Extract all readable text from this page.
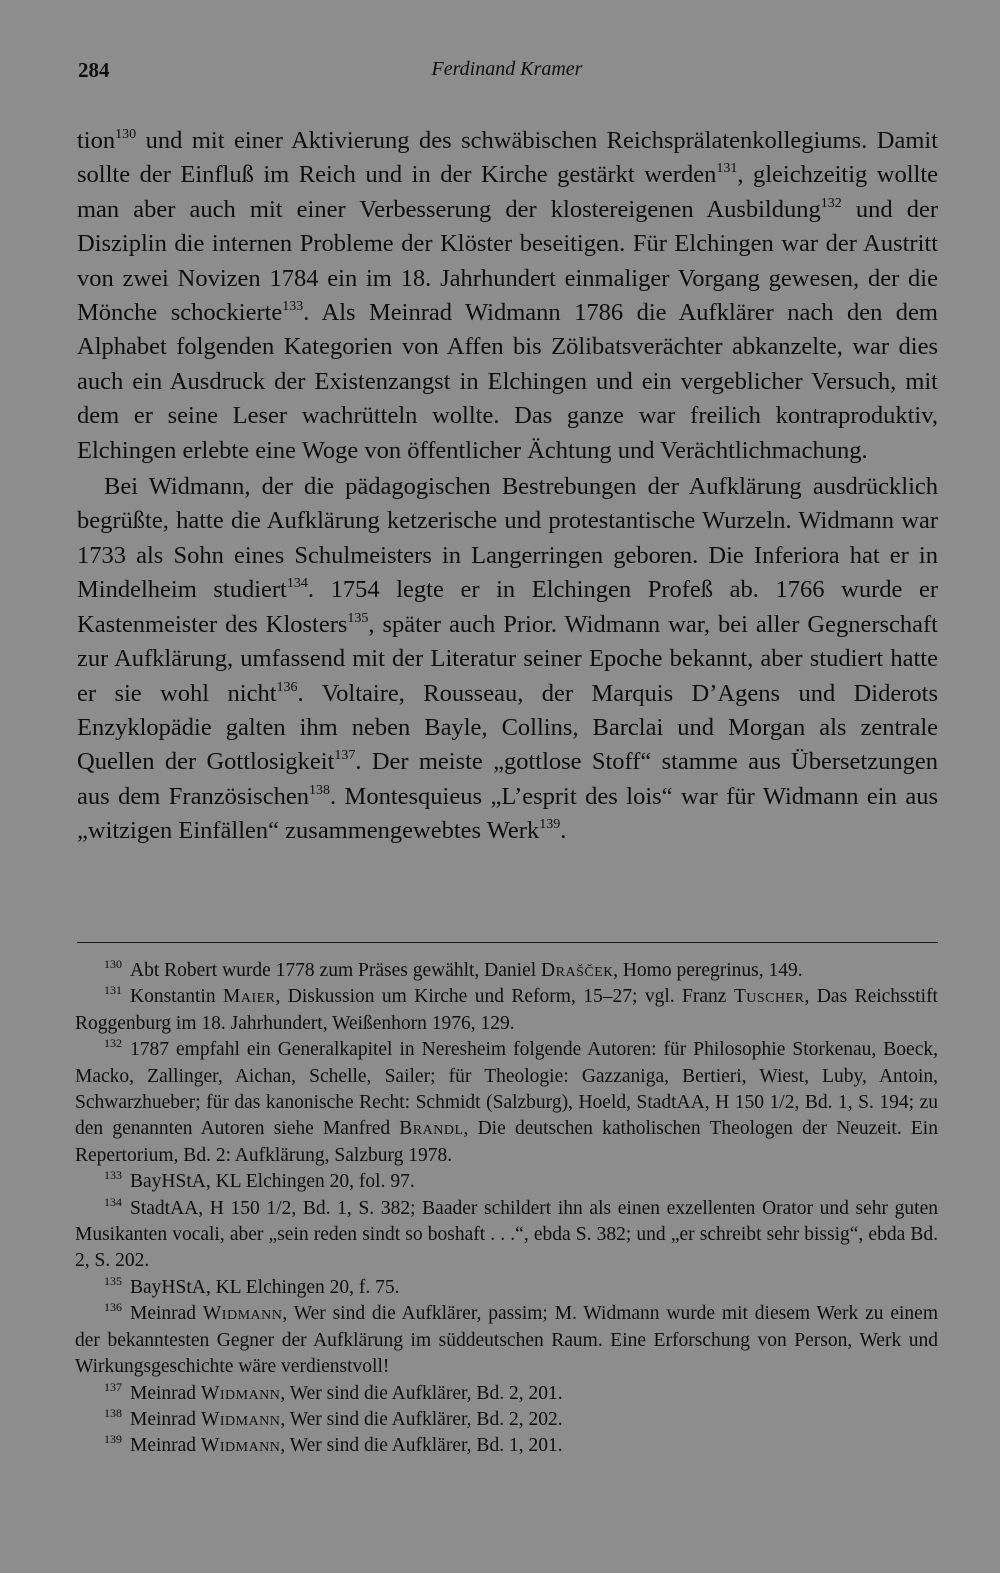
284	Ferdinand Kramer

tion$^{130}$ und mit einer Aktivierung des schwäbischen Reichsprälatenkollegiums. Damit sollte der Einfluß im Reich und in der Kirche gestärkt werden$^{131}$, gleichzeitig wollte man aber auch mit einer Verbesserung der klostereigenen Ausbildung$^{132}$ und der Disziplin die internen Probleme der Klöster beseitigen. Für Elchingen war der Austritt von zwei Novizen 1784 ein im 18. Jahrhundert einmaliger Vorgang gewesen, der die Mönche schockierte$^{133}$. Als Meinrad Widmann 1786 die Aufklärer nach den dem Alphabet folgenden Kategorien von Affen bis Zölibatsverächter abkanzelte, war dies auch ein Ausdruck der Existenzangst in Elchingen und ein vergeblicher Versuch, mit dem er seine Leser wachrütteln wollte. Das ganze war freilich kontraproduktiv, Elchingen erlebte eine Woge von öffentlicher Ächtung und Verächtlichmachung.

Bei Widmann, der die pädagogischen Bestrebungen der Aufklärung ausdrücklich begrüßte, hatte die Aufklärung ketzerische und protestantische Wurzeln. Widmann war 1733 als Sohn eines Schulmeisters in Langerringen geboren. Die Inferiora hat er in Mindelheim studiert$^{134}$. 1754 legte er in Elchingen Profeß ab. 1766 wurde er Kastenmeister des Klosters$^{135}$, später auch Prior. Widmann war, bei aller Gegnerschaft zur Aufklärung, umfassend mit der Literatur seiner Epoche bekannt, aber studiert hatte er sie wohl nicht$^{136}$. Voltaire, Rousseau, der Marquis D’Agens und Diderots Enzyklopädie galten ihm neben Bayle, Collins, Barclai und Morgan als zentrale Quellen der Gottlosigkeit$^{137}$. Der meiste „gottlose Stoff“ stamme aus Übersetzungen aus dem Französischen$^{138}$. Montesquieus „L’esprit des lois“ war für Widmann ein aus „witzigen Einfällen“ zusammengewebtes Werk$^{139}$.

$^{130}$ Abt Robert wurde 1778 zum Präses gewählt, Daniel Draščeк, Homo peregrinus, 149.

$^{131}$ Konstantin Maier, Diskussion um Kirche und Reform, 15–27; vgl. Franz Tuscher, Das Reichsstift Roggenburg im 18. Jahrhundert, Weißenhorn 1976, 129.

$^{132}$ 1787 empfahl ein Generalkapitel in Neresheim folgende Autoren: für Philosophie Storkenau, Boeck, Macko, Zallinger, Aichan, Schelle, Sailer; für Theologie: Gazzaniga, Bertieri, Wiest, Luby, Antoin, Schwarzhueber; für das kanonische Recht: Schmidt (Salzburg), Hoeld, StadtAA, H 150 1/2, Bd. 1, S. 194; zu den genannten Autoren siehe Manfred Brandl, Die deutschen katholischen Theologen der Neuzeit. Ein Repertorium, Bd. 2: Aufklärung, Salzburg 1978.

$^{133}$ BayHStA, KL Elchingen 20, fol. 97.

$^{134}$ StadtAA, H 150 1/2, Bd. 1, S. 382; Baader schildert ihn als einen exzellenten Orator und sehr guten Musikanten vocali, aber „sein reden sindt so boshaft . . .“, ebda S. 382; und „er schreibt sehr bissig“, ebda Bd. 2, S. 202.

$^{135}$ BayHStA, KL Elchingen 20, f. 75.

$^{136}$ Meinrad Widmann, Wer sind die Aufklärer, passim; M. Widmann wurde mit diesem Werk zu einem der bekanntesten Gegner der Aufklärung im süddeutschen Raum. Eine Erforschung von Person, Werk und Wirkungsgeschichte wäre verdienstvoll!

$^{137}$ Meinrad Widmann, Wer sind die Aufklärer, Bd. 2, 201.

$^{138}$ Meinrad Widmann, Wer sind die Aufklärer, Bd. 2, 202.

$^{139}$ Meinrad Widmann, Wer sind die Aufklärer, Bd. 1, 201.
